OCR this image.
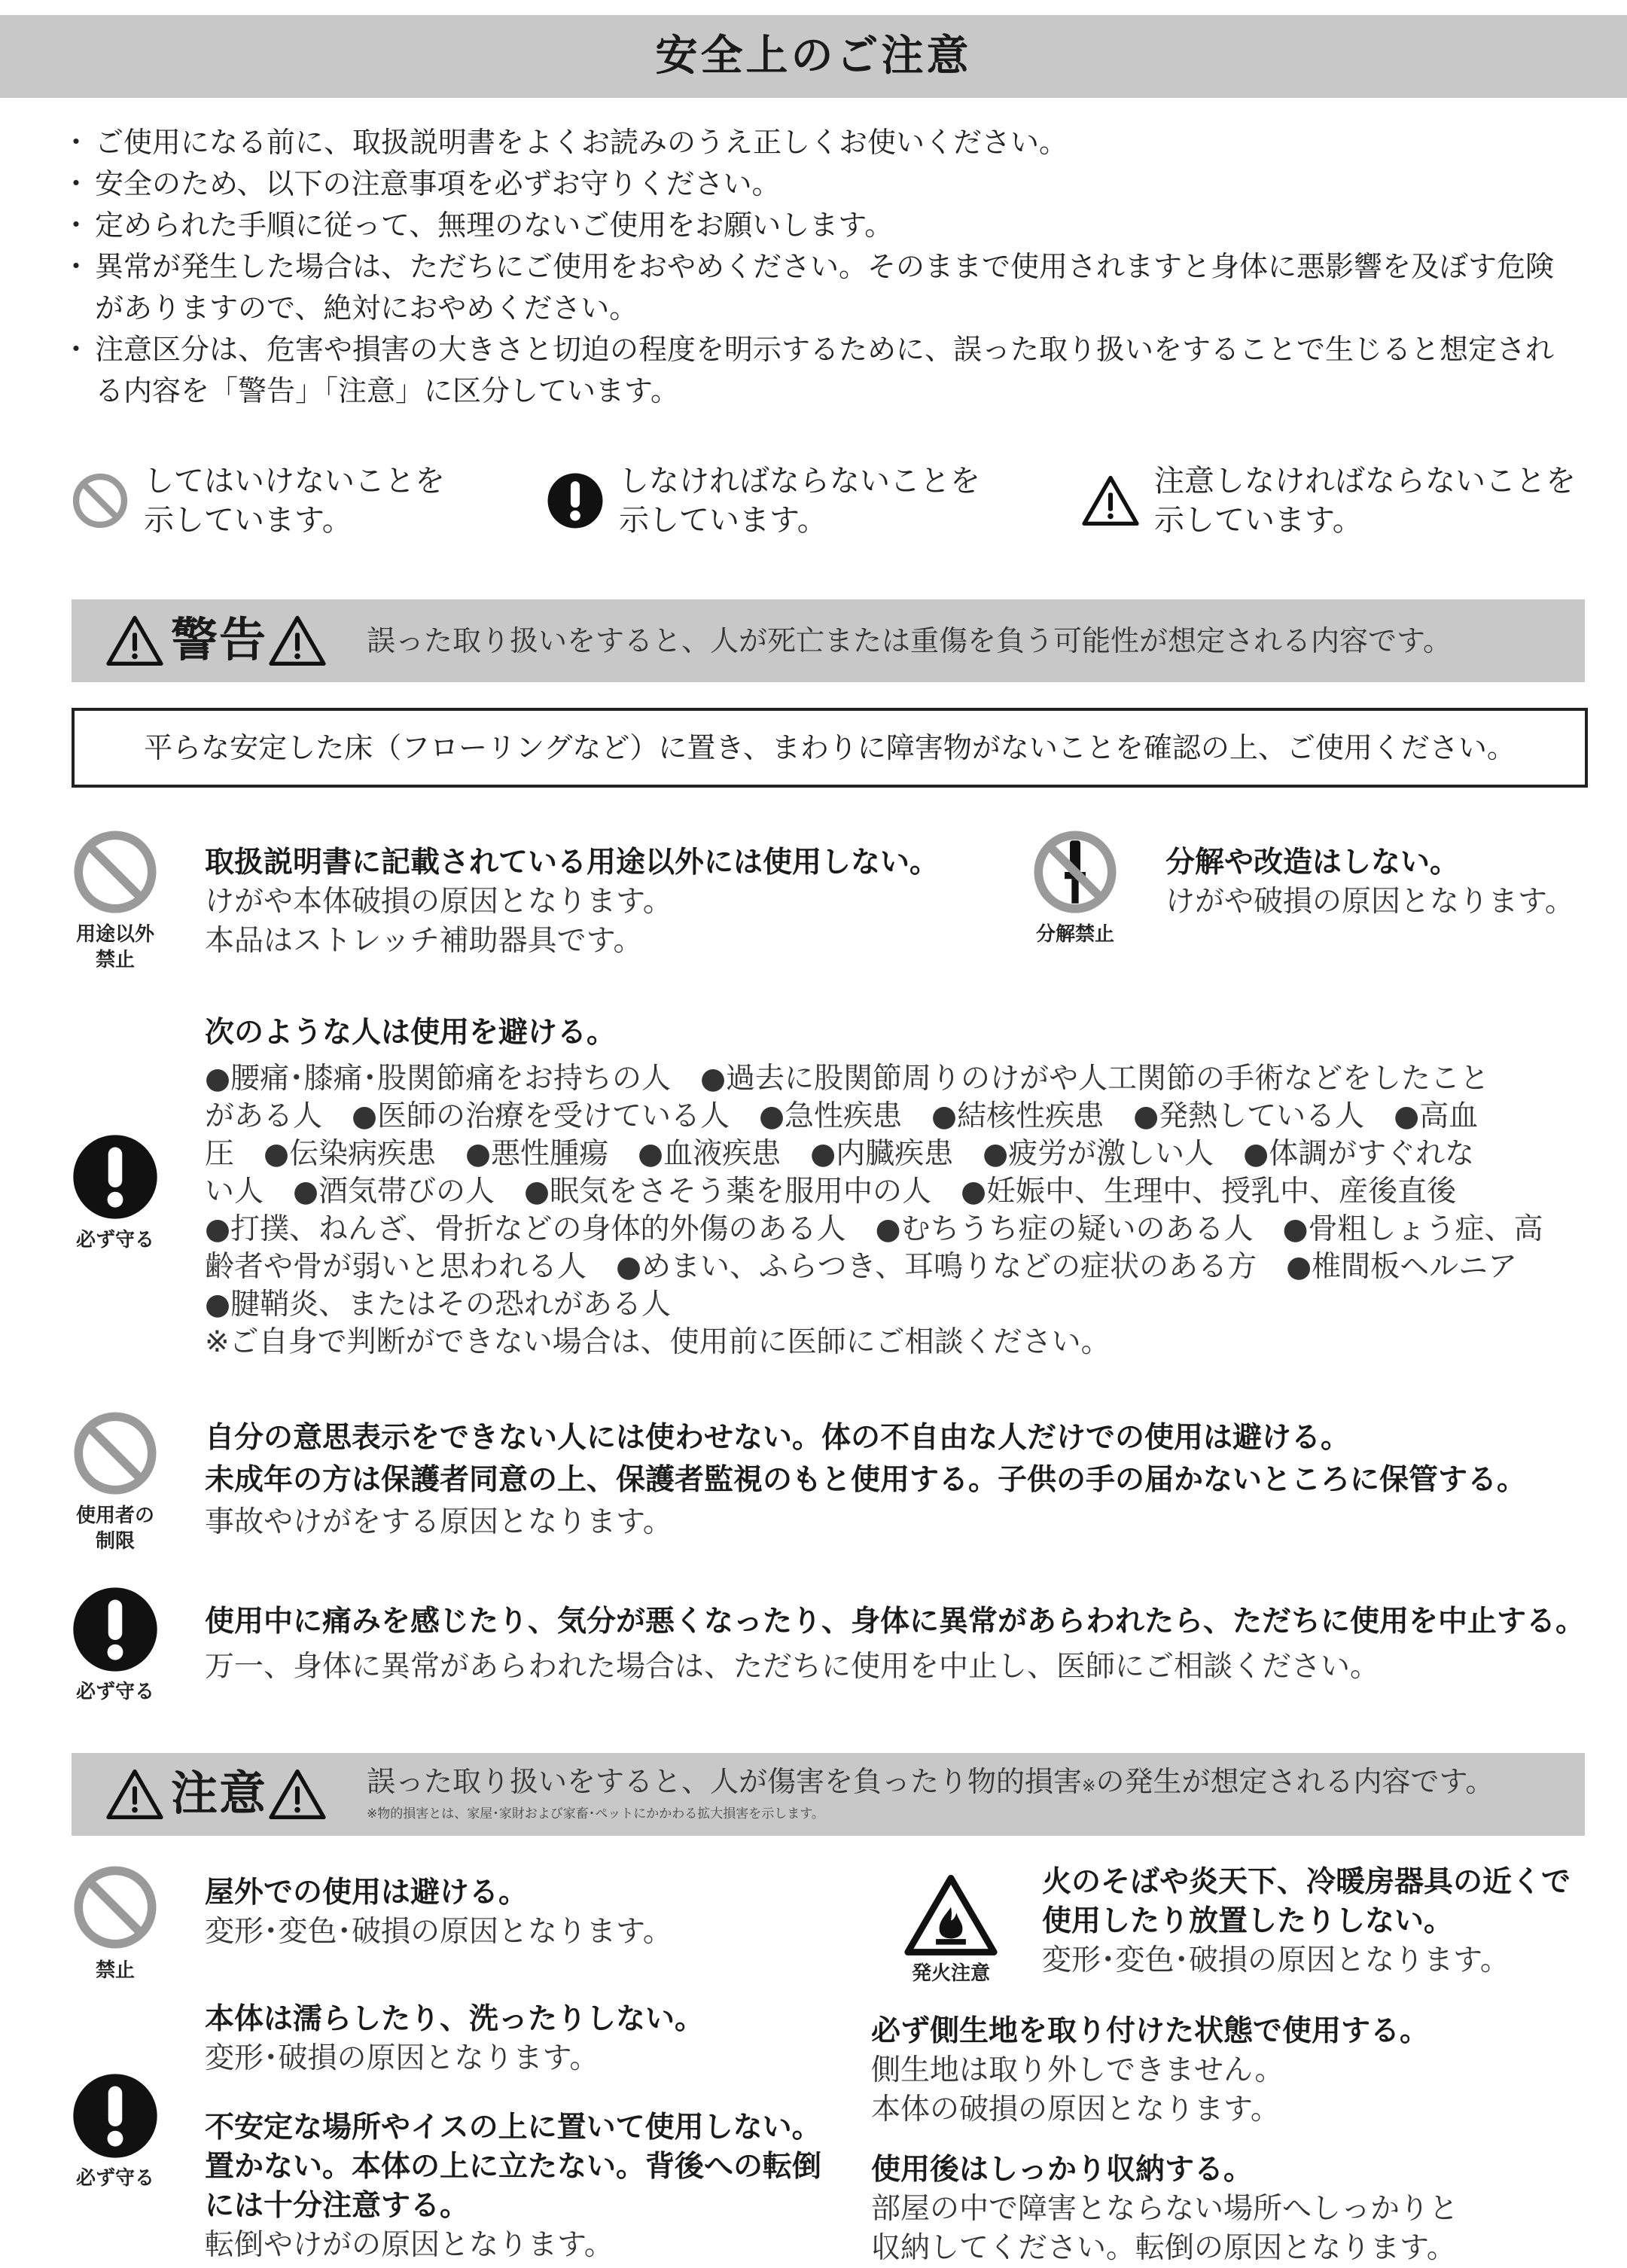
安全上のご注意
・ ご使用になる前に、取扱説明書をよくお読みのうえ正しくお使いください。
・ 安全のため、以下の注意事項を必ずお守りください。
・ 定められた手順に従って、無理のないご使用をお願いします。
・ 異常が発生した場合は、ただちにご使用をおやめください。そのままで使用されますと身体に悪影響を及ぼす危険がありますので、絶対におやめください。
・ 注意区分は、危害や損害の大きさと切迫の程度を明示するために、誤った取り扱いをすることで生じると想定される内容を「警告」「注意」に区分しています。
してはいけないことを
示しています。
しなければならないことを
示しています。
注意しなければならないことを
示しています。
警告	誤った取り扱いをすると、人が死亡または重傷を負う可能性が想定される内容です。
平らな安定した床（フローリングなど）に置き、まわりに障害物がないことを確認の上、ご使用ください。
用途以外
禁止
取扱説明書に記載されている用途以外には使用しない。
けがや本体破損の原因となります。
本品はストレッチ補助器具です。	分解禁止
分解や改造はしない。
けがや破損の原因となります。
必ず守る
次のような人は使用を避ける。
●腰痛･膝痛･股関節痛をお持ちの人　●過去に股関節周りのけがや人工関節の手術などをしたこと
がある人　●医師の治療を受けている人　●急性疾患　●結核性疾患　●発熱している人　●高血
圧　●伝染病疾患　●悪性腫瘍　●血液疾患　●内臓疾患　●疲労が激しい人　●体調がすぐれな
い人　●酒気帯びの人　●眠気をさそう薬を服用中の人　●妊娠中、生理中、授乳中、産後直後
●打撲、ねんざ、骨折などの身体的外傷のある人　●むちうち症の疑いのある人　●骨粗しょう症、高
齢者や骨が弱いと思われる人　●めまい、ふらつき、耳鳴りなどの症状のある方　●椎間板ヘルニア
●腱鞘炎、またはその恐れがある人
※ご自身で判断ができない場合は、使用前に医師にご相談ください。
使用者の
制限
自分の意思表示をできない人には使わせない。体の不自由な人だけでの使用は避ける。
未成年の方は保護者同意の上、保護者監視のもと使用する。子供の手の届かないところに保管する。
事故やけがをする原因となります。
必ず守る
使用中に痛みを感じたり、気分が悪くなったり、身体に異常があらわれたら、ただちに使用を中止する。
万一、身体に異常があらわれた場合は、ただちに使用を中止し、医師にご相談ください。
注意	誤った取り扱いをすると、人が傷害を負ったり物的損害※の発生が想定される内容です。
※物的損害とは、家屋･家財および家畜･ペットにかかわる拡大損害を示します。
禁止
屋外での使用は避ける。
変形･変色･破損の原因となります。
本体は濡らしたり、洗ったりしない。
変形･破損の原因となります。
必ず守る
不安定な場所やイスの上に置いて使用しない。
置かない。本体の上に立たない。背後への転倒
には十分注意する。
転倒やけがの原因となります。
発火注意
火のそばや炎天下、冷暖房器具の近くで
使用したり放置したりしない。
変形･変色･破損の原因となります。
必ず側生地を取り付けた状態で使用する。
側生地は取り外しできません。
本体の破損の原因となります。
使用後はしっかり収納する。
部屋の中で障害とならない場所へしっかりと
収納してください。転倒の原因となります。
